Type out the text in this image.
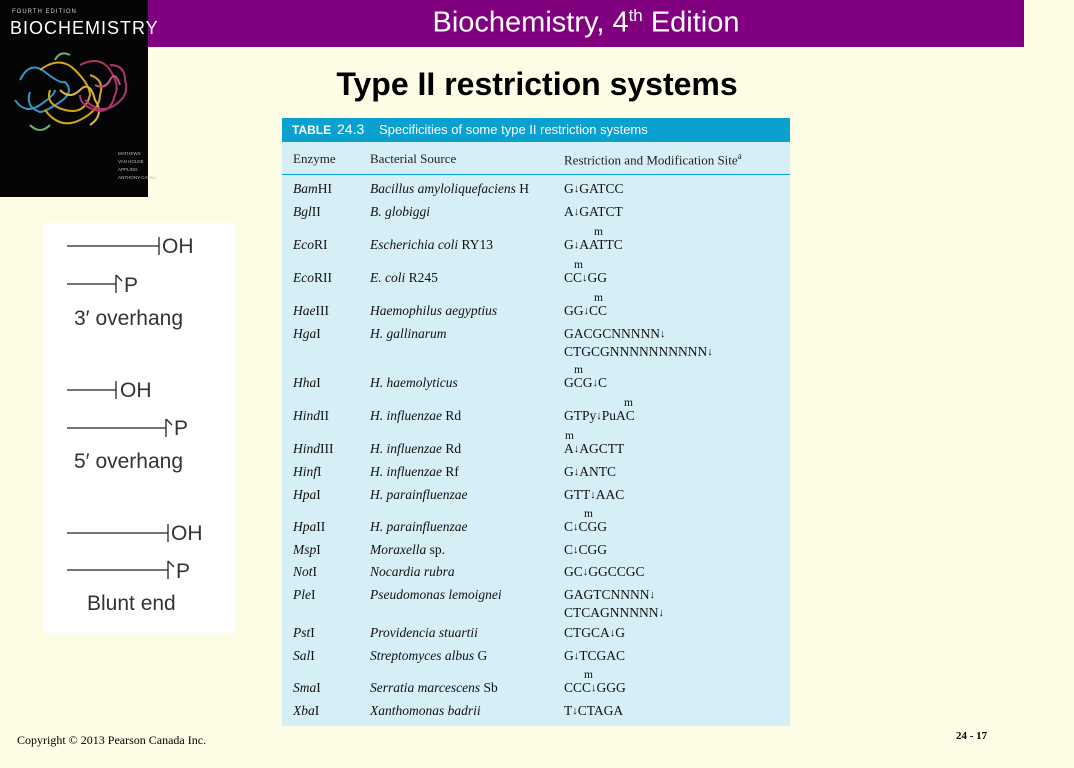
Biochemistry, 4th Edition
FOURTH EDITION
BIOCHEMISTRY
MATHEWS
VAN HOLDE
APPLING
ANTHONY-CAHILL
Type II restriction systems
OH
P
3′ overhang
OH
P
5′ overhang
OH
P
Blunt end
TABLE 24.3 Specificities of some type II restriction systems
Enzyme	Bacterial Source	Restriction and Modification Site$^a$
BamHI	Bacillus amyloliquefaciens H	G↓GATCC
BglII	B. globiggi	A↓GATCT
EcoRI	Escherichia coli RY13	G↓AATTC
EcoRII	E. coli R245	CC↓GG
HaeIII	Haemophilus aegyptius	GG↓CC
HgaI	H. gallinarum	GACGCNNNNN↓
CTGCGNNNNNNNNNN↓
HhaI	H. haemolyticus	GCG↓C
HindII	H. influenzae Rd	GTPy↓PuAC
HindIII	H. influenzae Rd	A↓AGCTT
HinfI	H. influenzae Rf	G↓ANTC
HpaI	H. parainfluenzae	GTT↓AAC
HpaII	H. parainfluenzae	C↓CGG
MspI	Moraxella sp.	C↓CGG
NotI	Nocardia rubra	GC↓GGCCGC
PleI	Pseudomonas lemoignei	GAGTCNNNN↓
CTCAGNNNNN↓
PstI	Providencia stuartii	CTGCA↓G
SalI	Streptomyces albus G	G↓TCGAC
SmaI	Serratia marcescens Sb	CCC↓GGG
XbaI	Xanthomonas badrii	T↓CTAGA
m
m
m
m
m
m
m
m
Copyright © 2013 Pearson Canada Inc.	24 - 17
